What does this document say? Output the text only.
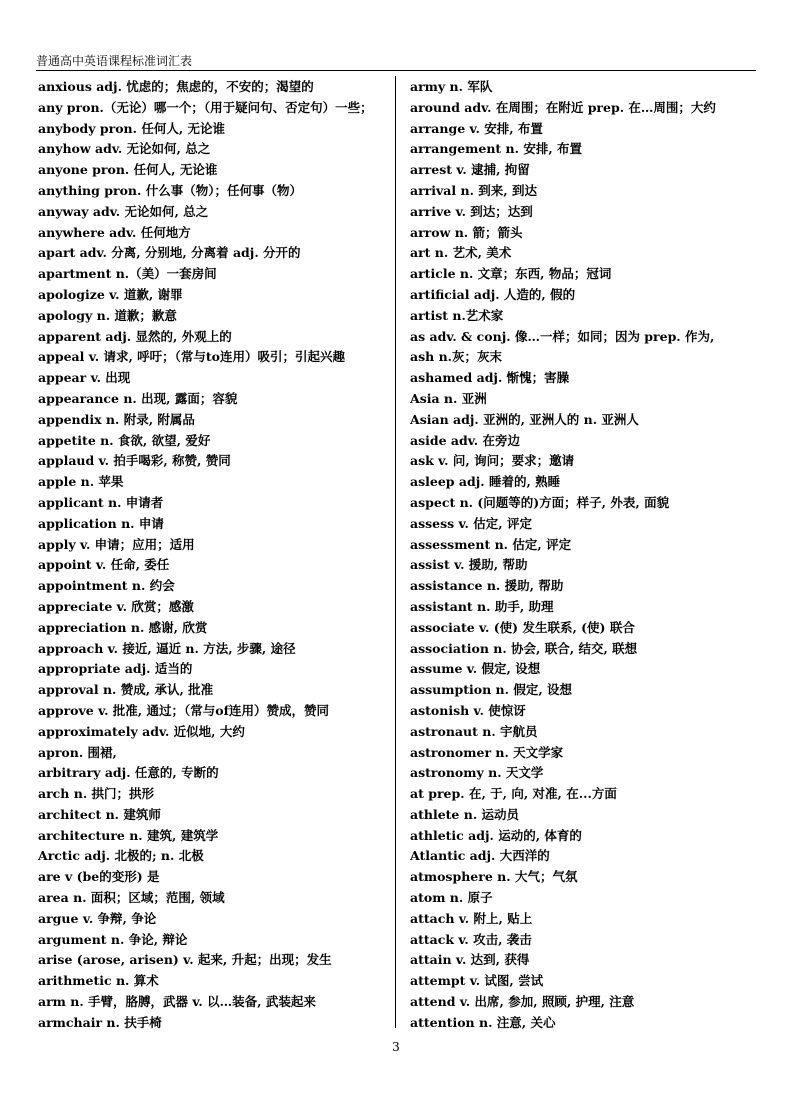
普通高中英语课程标准词汇表
anxious adj. 忧虑的；焦虑的，不安的；渴望的
any pron.（无论）哪一个；（用于疑问句、否定句）一些；
anybody pron. 任何人, 无论谁
anyhow adv. 无论如何, 总之
anyone pron. 任何人, 无论谁
anything pron. 什么事（物）；任何事（物）
anyway adv. 无论如何, 总之
anywhere adv. 任何地方
apart adv. 分离, 分别地, 分离着 adj. 分开的
apartment n.（美）一套房间
apologize v. 道歉, 谢罪
apology n. 道歉；歉意
apparent adj. 显然的, 外观上的
appeal v. 请求, 呼吁；（常与to连用）吸引；引起兴趣
appear v. 出现
appearance n. 出现, 露面；容貌
appendix n. 附录, 附属品
appetite n. 食欲, 欲望, 爱好
applaud v. 拍手喝彩, 称赞, 赞同
apple n. 苹果
applicant n. 申请者
application n. 申请
apply v. 申请；应用；适用
appoint v. 任命, 委任
appointment n. 约会
appreciate v. 欣赏；感激
appreciation n. 感谢, 欣赏
approach v. 接近, 逼近 n. 方法, 步骤, 途径
appropriate adj. 适当的
approval n. 赞成, 承认, 批准
approve v. 批准, 通过；（常与of连用）赞成，赞同
approximately adv. 近似地, 大约
apron. 围裙,
arbitrary adj. 任意的, 专断的
arch n. 拱门；拱形
architect n. 建筑师
architecture n. 建筑, 建筑学
Arctic adj. 北极的; n. 北极
are v (be的变形) 是
area n. 面积；区域；范围, 领域
argue v. 争辩, 争论
argument n. 争论, 辩论
arise (arose, arisen) v. 起来, 升起；出现；发生
arithmetic n. 算术
arm n. 手臂，胳膊，武器 v. 以…装备, 武装起来
armchair n. 扶手椅
army n. 军队
around adv. 在周围；在附近 prep. 在…周围；大约
arrange v. 安排, 布置
arrangement n. 安排, 布置
arrest v. 逮捕, 拘留
arrival n. 到来, 到达
arrive v. 到达；达到
arrow n. 箭；箭头
art n. 艺术, 美术
article n. 文章；东西, 物品；冠词
artificial adj. 人造的, 假的
artist n.艺术家
as adv. & conj. 像…一样；如同；因为 prep. 作为,
ash n.灰；灰末
ashamed adj. 惭愧；害臊
Asia n. 亚洲
Asian adj. 亚洲的, 亚洲人的 n. 亚洲人
aside adv. 在旁边
ask v. 问, 询问；要求；邀请
asleep adj. 睡着的, 熟睡
aspect n. (问题等的)方面；样子, 外表, 面貌
assess v. 估定, 评定
assessment n. 估定, 评定
assist v. 援助, 帮助
assistance n. 援助, 帮助
assistant n. 助手, 助理
associate v. (使) 发生联系, (使) 联合
association n. 协会, 联合, 结交, 联想
assume v. 假定, 设想
assumption n. 假定, 设想
astonish v. 使惊讶
astronaut n. 宇航员
astronomer n. 天文学家
astronomy n. 天文学
at prep. 在, 于, 向, 对准, 在...方面
athlete n. 运动员
athletic adj. 运动的, 体育的
Atlantic adj. 大西洋的
atmosphere n. 大气；气氛
atom n. 原子
attach v. 附上, 贴上
attack v. 攻击, 袭击
attain v. 达到, 获得
attempt v. 试图, 尝试
attend v. 出席, 参加, 照顾, 护理, 注意
attention n. 注意, 关心
3
